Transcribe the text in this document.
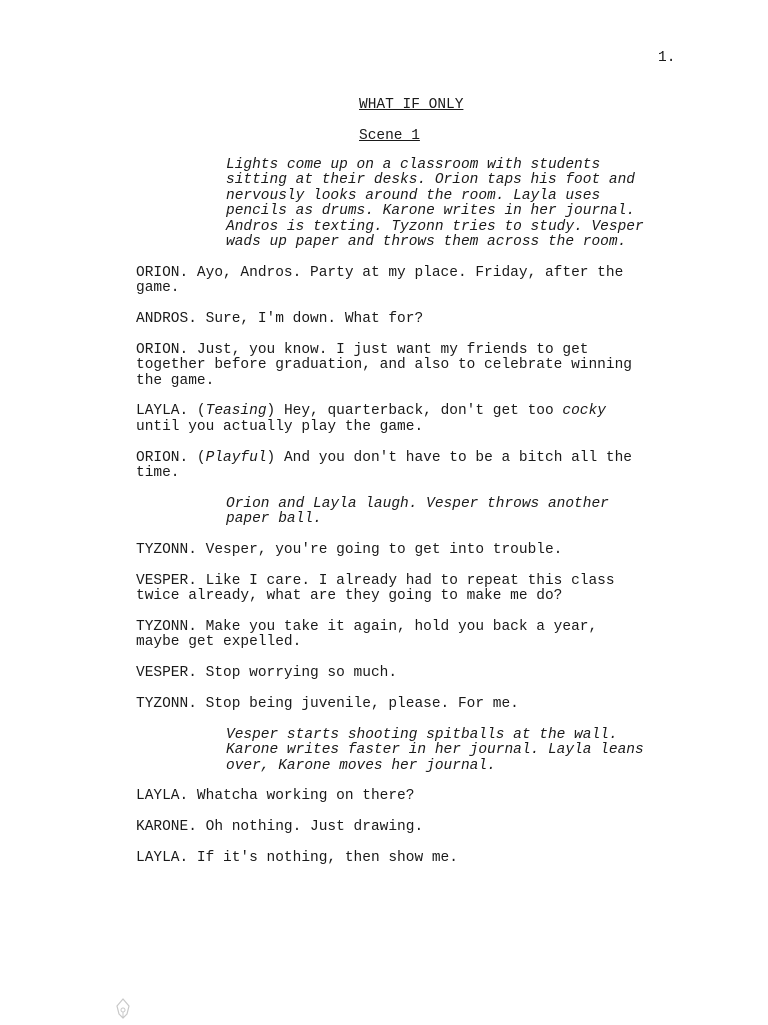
1.
WHAT IF ONLY
Scene 1
Lights come up on a classroom with students
sitting at their desks. Orion taps his foot and
nervously looks around the room. Layla uses
pencils as drums. Karone writes in her journal.
Andros is texting. Tyzonn tries to study. Vesper
wads up paper and throws them across the room.
ORION. Ayo, Andros. Party at my place. Friday, after the
game.
ANDROS. Sure, I'm down. What for?
ORION. Just, you know. I just want my friends to get
together before graduation, and also to celebrate winning
the game.
LAYLA. (Teasing) Hey, quarterback, don't get too cocky
until you actually play the game.
ORION. (Playful) And you don't have to be a bitch all the
time.
Orion and Layla laugh. Vesper throws another
paper ball.
TYZONN. Vesper, you're going to get into trouble.
VESPER. Like I care. I already had to repeat this class
twice already, what are they going to make me do?
TYZONN. Make you take it again, hold you back a year,
maybe get expelled.
VESPER. Stop worrying so much.
TYZONN. Stop being juvenile, please. For me.
Vesper starts shooting spitballs at the wall.
Karone writes faster in her journal. Layla leans
over, Karone moves her journal.
LAYLA. Whatcha working on there?
KARONE. Oh nothing. Just drawing.
LAYLA. If it's nothing, then show me.
